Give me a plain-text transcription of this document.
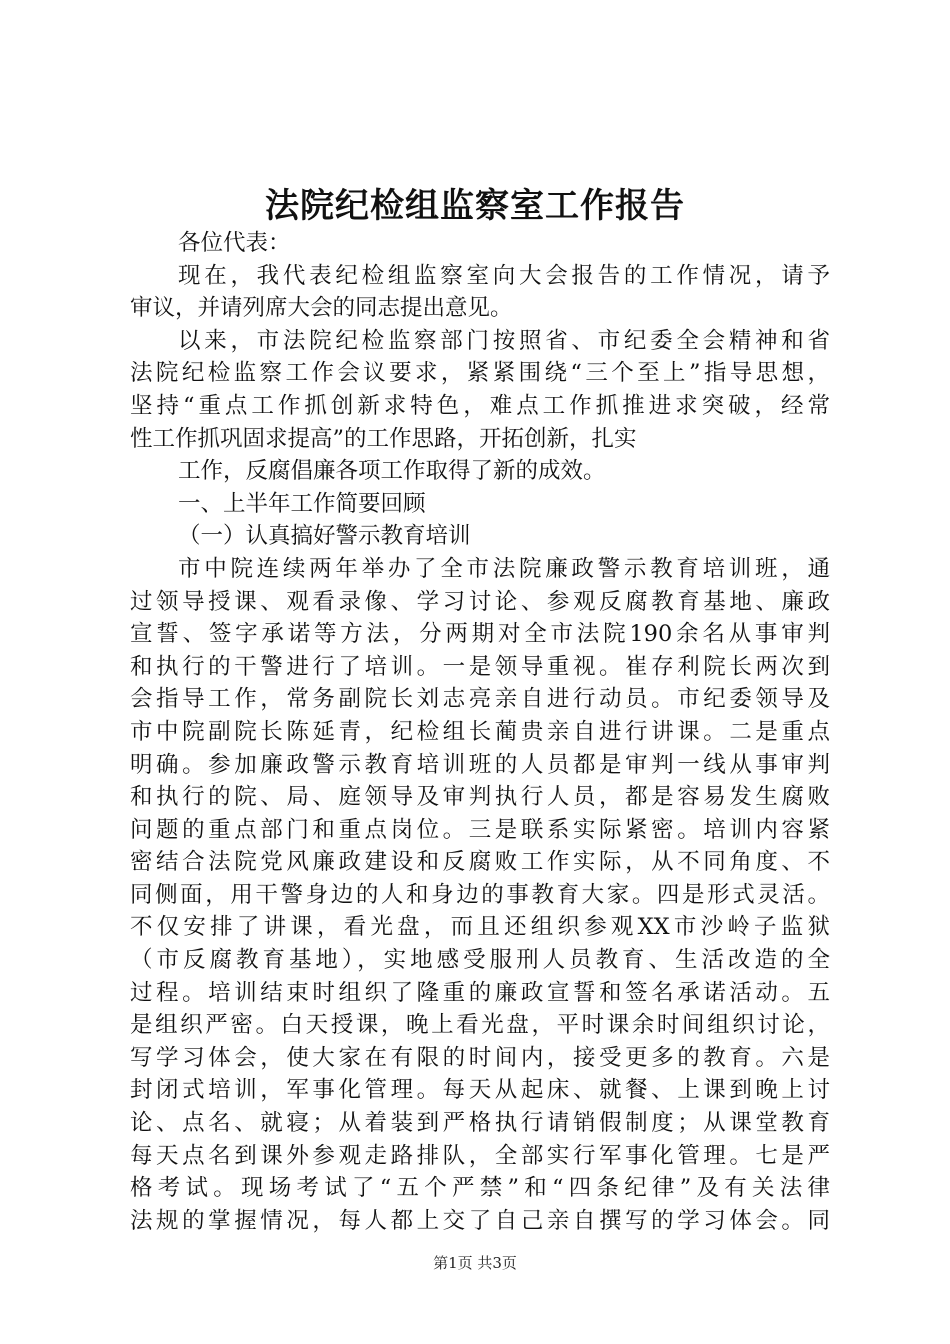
法院纪检组监察室工作报告
各位代表：
现在，我代表纪检组监察室向大会报告的工作情况，请予
审议，并请列席大会的同志提出意见。
以来，市法院纪检监察部门按照省、市纪委全会精神和省
法院纪检监察工作会议要求，紧紧围绕“三个至上”指导思想，
坚持“重点工作抓创新求特色，难点工作抓推进求突破，经常
性工作抓巩固求提高”的工作思路，开拓创新，扎实
工作，反腐倡廉各项工作取得了新的成效。
一、上半年工作简要回顾
（一）认真搞好警示教育培训
市中院连续两年举办了全市法院廉政警示教育培训班，通
过领导授课、观看录像、学习讨论、参观反腐教育基地、廉政
宣誓、签字承诺等方法，分两期对全市法院190余名从事审判
和执行的干警进行了培训。一是领导重视。崔存利院长两次到
会指导工作，常务副院长刘志亮亲自进行动员。市纪委领导及
市中院副院长陈延青，纪检组长蔺贵亲自进行讲课。二是重点
明确。参加廉政警示教育培训班的人员都是审判一线从事审判
和执行的院、局、庭领导及审判执行人员，都是容易发生腐败
问题的重点部门和重点岗位。三是联系实际紧密。培训内容紧
密结合法院党风廉政建设和反腐败工作实际，从不同角度、不
同侧面，用干警身边的人和身边的事教育大家。四是形式灵活。
不仅安排了讲课，看光盘，而且还组织参观XX市沙岭子监狱
（市反腐教育基地），实地感受服刑人员教育、生活改造的全
过程。培训结束时组织了隆重的廉政宣誓和签名承诺活动。五
是组织严密。白天授课，晚上看光盘，平时课余时间组织讨论，
写学习体会，使大家在有限的时间内，接受更多的教育。六是
封闭式培训，军事化管理。每天从起床、就餐、上课到晚上讨
论、点名、就寝；从着装到严格执行请销假制度；从课堂教育
每天点名到课外参观走路排队，全部实行军事化管理。七是严
格考试。现场考试了“五个严禁”和“四条纪律”及有关法律
法规的掌握情况，每人都上交了自己亲自撰写的学习体会。同
第1页 共3页
